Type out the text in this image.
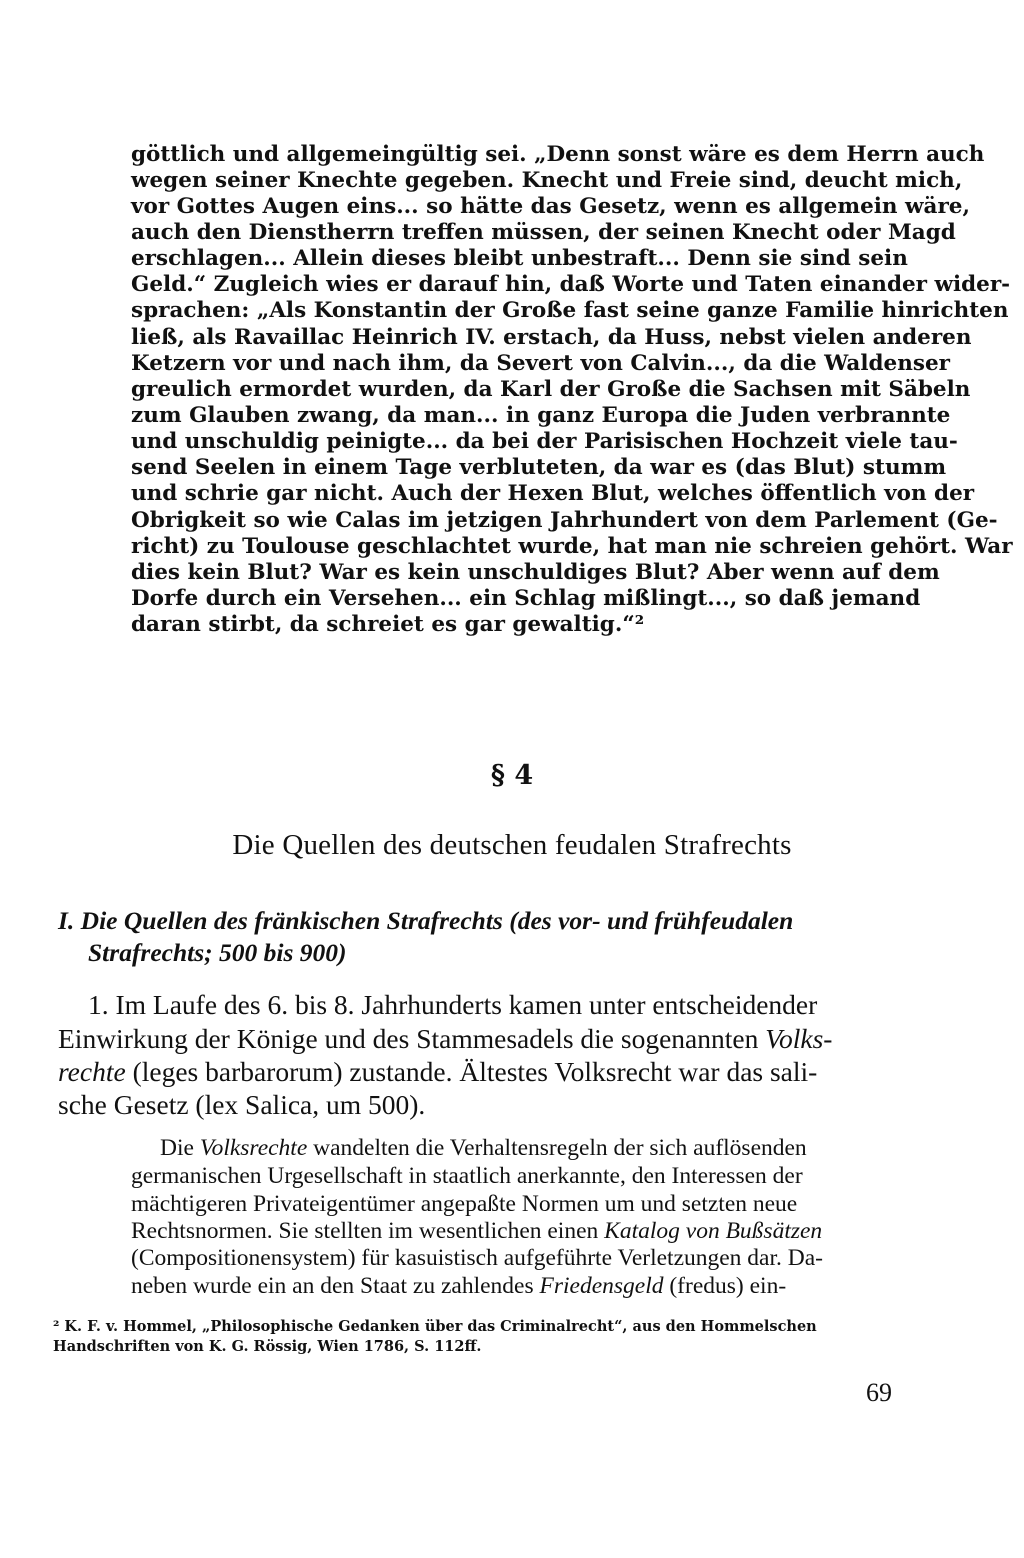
göttlich und allgemeingültig sei. „Denn sonst wäre es dem Herrn auch
wegen seiner Knechte gegeben. Knecht und Freie sind, deucht mich,
vor Gottes Augen eins... so hätte das Gesetz, wenn es allgemein wäre,
auch den Dienstherrn treffen müssen, der seinen Knecht oder Magd
erschlagen... Allein dieses bleibt unbestraft... Denn sie sind sein
Geld.“ Zugleich wies er darauf hin, daß Worte und Taten einander wider-
sprachen: „Als Konstantin der Große fast seine ganze Familie hinrichten
ließ, als Ravaillac Heinrich IV. erstach, da Huss, nebst vielen anderen
Ketzern vor und nach ihm, da Severt von Calvin..., da die Waldenser
greulich ermordet wurden, da Karl der Große die Sachsen mit Säbeln
zum Glauben zwang, da man... in ganz Europa die Juden verbrannte
und unschuldig peinigte... da bei der Parisischen Hochzeit viele tau-
send Seelen in einem Tage verbluteten, da war es (das Blut) stumm
und schrie gar nicht. Auch der Hexen Blut, welches öffentlich von der
Obrigkeit so wie Calas im jetzigen Jahrhundert von dem Parlement (Ge-
richt) zu Toulouse geschlachtet wurde, hat man nie schreien gehört. War
dies kein Blut? War es kein unschuldiges Blut? Aber wenn auf dem
Dorfe durch ein Versehen... ein Schlag mißlingt..., so daß jemand
daran stirbt, da schreiet es gar gewaltig.“²
§ 4
Die Quellen des deutschen feudalen Strafrechts
I. Die Quellen des fränkischen Strafrechts (des vor- und frühfeudalen
Strafrechts; 500 bis 900)
1. Im Laufe des 6. bis 8. Jahrhunderts kamen unter entscheidender
Einwirkung der Könige und des Stammesadels die sogenannten Volks-
rechte (leges barbarorum) zustande. Ältestes Volksrecht war das sali-
sche Gesetz (lex Salica, um 500).
Die Volksrechte wandelten die Verhaltensregeln der sich auflösenden
germanischen Urgesellschaft in staatlich anerkannte, den Interessen der
mächtigeren Privateigentümer angepaßte Normen um und setzten neue
Rechtsnormen. Sie stellten im wesentlichen einen Katalog von Bußsätzen
(Compositionensystem) für kasuistisch aufgeführte Verletzungen dar. Da-
neben wurde ein an den Staat zu zahlendes Friedensgeld (fredus) ein-
² K. F. v. Hommel, „Philosophische Gedanken über das Criminalrecht“, aus den Hommelschen
Handschriften von K. G. Rössig, Wien 1786, S. 112ff.
69
